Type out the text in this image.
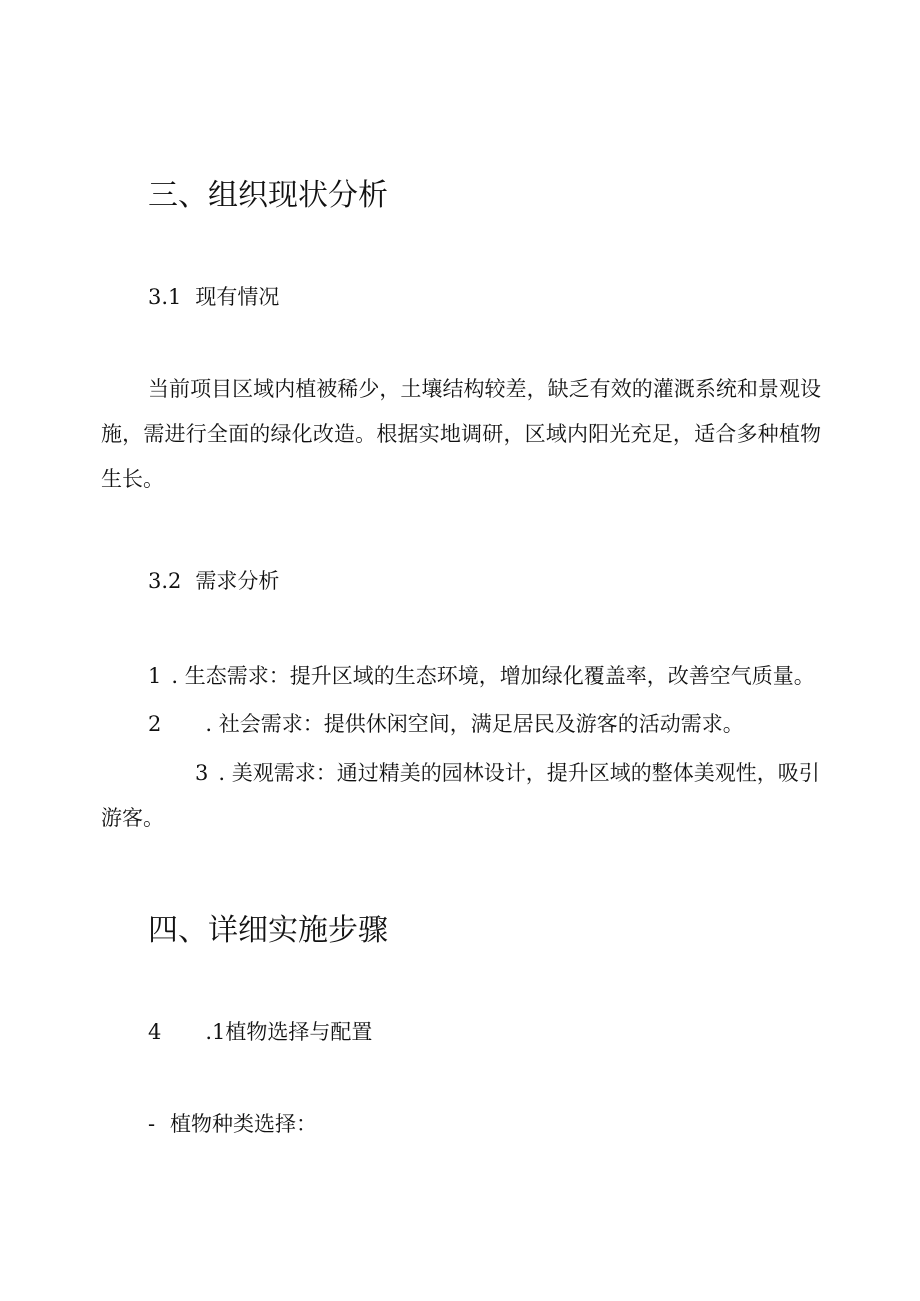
三、组织现状分析

3.1 现有情况

当前项目区域内植被稀少，土壤结构较差，缺乏有效的灌溉系统和景观设施，需进行全面的绿化改造。根据实地调研，区域内阳光充足，适合多种植物生长。

3.2 需求分析

1 . 生态需求：提升区域的生态环境，增加绿化覆盖率，改善空气质量。

2 . 社会需求：提供休闲空间，满足居民及游客的活动需求。

3 . 美观需求：通过精美的园林设计，提升区域的整体美观性，吸引游客。

四、详细实施步骤

4 .1植物选择与配置

- 植物种类选择：
